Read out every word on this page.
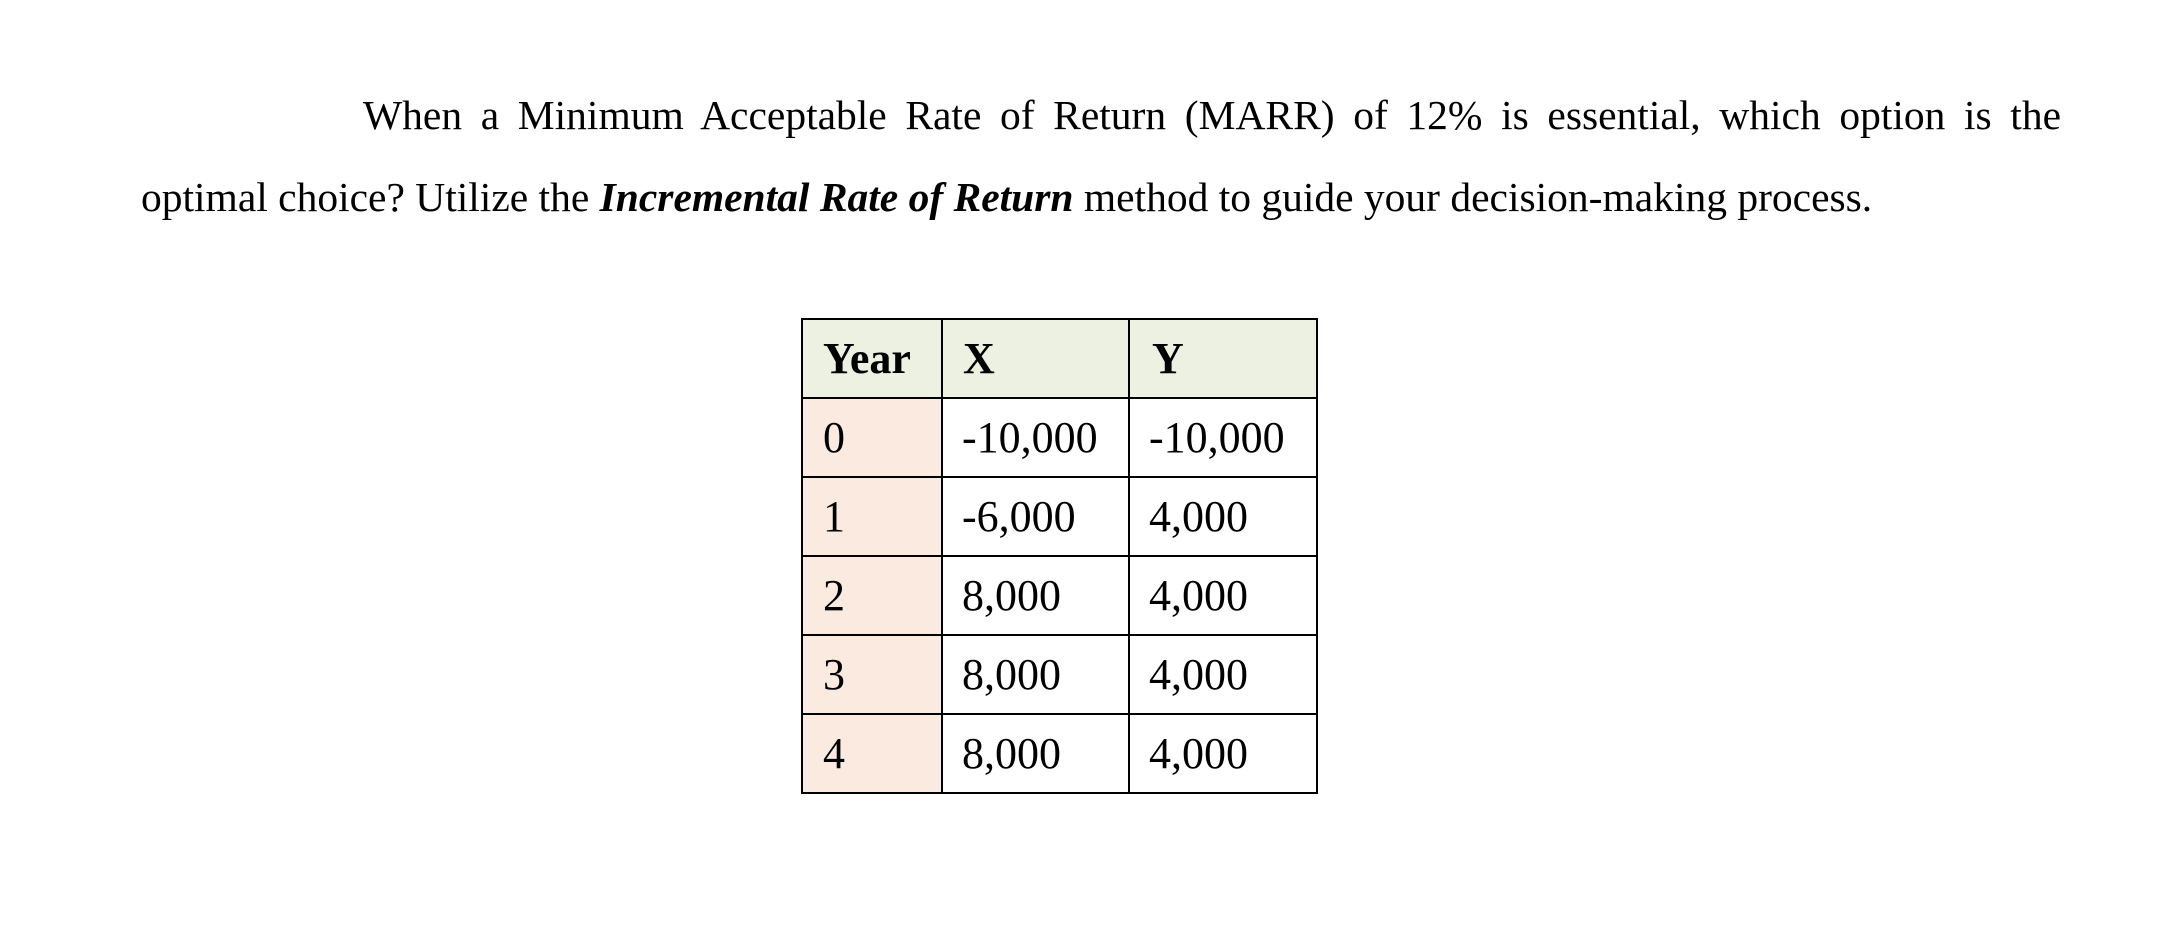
When a Minimum Acceptable Rate of Return (MARR) of 12% is essential, which option is the optimal choice? Utilize the Incremental Rate of Return method to guide your decision-making process.

Year	X	Y
0	-10,000	-10,000
1	-6,000	4,000
2	8,000	4,000
3	8,000	4,000
4	8,000	4,000
